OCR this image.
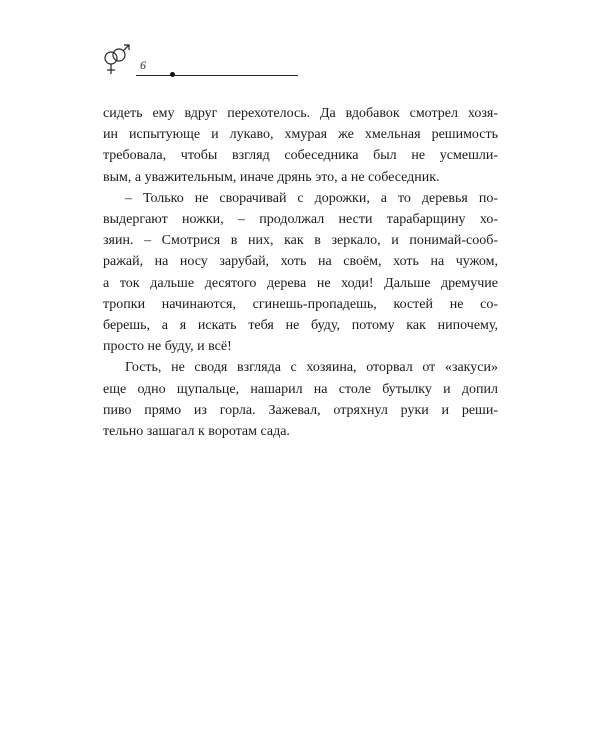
6
сидеть ему вдруг перехотелось. Да вдобавок смотрел хозя-
ин испытующе и лукаво, хмурая же хмельная решимость
требовала, чтобы взгляд собеседника был не усмешли-
вым, а уважительным, иначе дрянь это, а не собеседник.
– Только не сворачивай с дорожки, а то деревья по-
выдергают ножки, – продолжал нести тарабарщину хо-
зяин. – Смотрися в них, как в зеркало, и понимай-сооб-
ражай, на носу зарубай, хоть на своём, хоть на чужом,
а ток дальше десятого дерева не ходи! Дальше дремучие
тропки начинаются, сгинешь-пропадешь, костей не со-
берешь, а я искать тебя не буду, потому как нипочему,
просто не буду, и всё!
Гость, не сводя взгляда с хозяина, оторвал от «закуси»
еще одно щупальце, нашарил на столе бутылку и допил
пиво прямо из горла. Зажевал, отряхнул руки и реши-
тельно зашагал к воротам сада.
